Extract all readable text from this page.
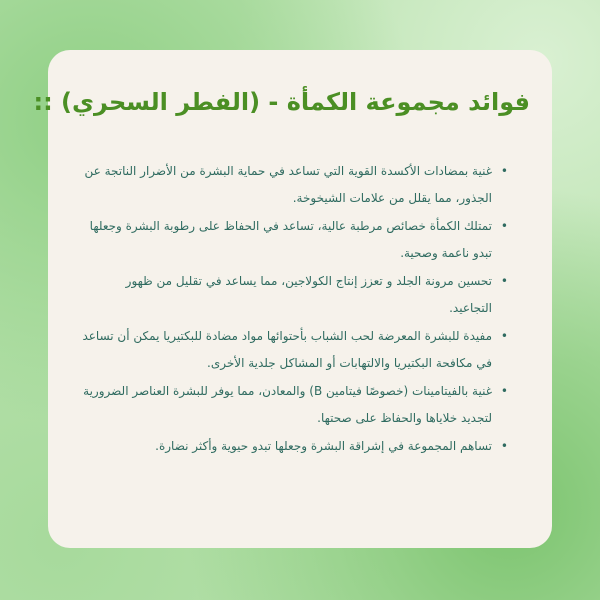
فوائد مجموعة الكمأة - (الفطر السحري) ::
• غنية بمضادات الأكسدة القوية التي تساعد في حماية البشرة من الأضرار الناتجة عن الجذور، مما يقلل من علامات الشيخوخة.
• تمتلك الكمأة خصائص مرطبة عالية، تساعد في الحفاظ على رطوبة البشرة وجعلها تبدو ناعمة وصحية.
• تحسين مرونة الجلد و تعزز إنتاج الكولاجين، مما يساعد في تقليل من ظهور التجاعيد.
• مفيدة للبشرة المعرضة لحب الشباب بأحتوائها مواد مضادة للبكتيريا يمكن أن تساعد في مكافحة البكتيريا والالتهابات أو المشاكل جلدية الأخرى.
• غنية بالفيتامينات (خصوصًا فيتامين B) والمعادن، مما يوفر للبشرة العناصر الضرورية لتجديد خلاياها والحفاظ على صحتها.
• تساهم المجموعة في إشراقة البشرة وجعلها تبدو حيوية وأكثر نضارة.
